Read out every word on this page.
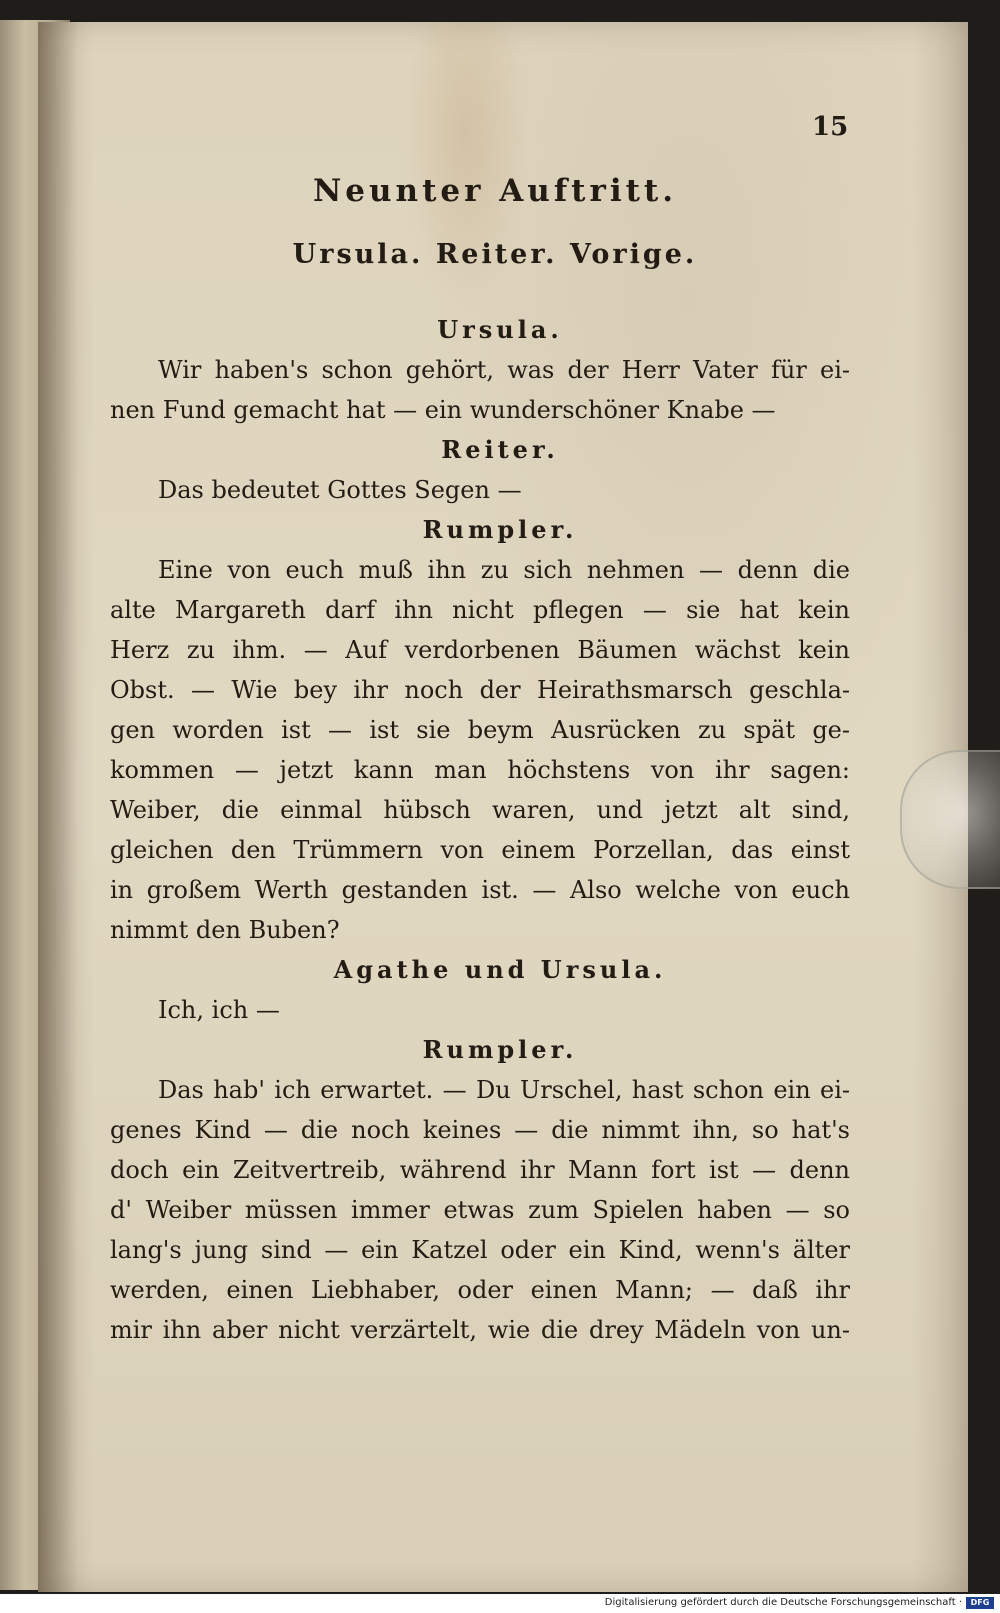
15
Neunter Auftritt.
Ursula. Reiter. Vorige.
Ursula.
Wir haben's schon gehört, was der Herr Vater für ei-
nen Fund gemacht hat — ein wunderschöner Knabe —
Reiter.
Das bedeutet Gottes Segen —
Rumpler.
Eine von euch muß ihn zu sich nehmen — denn die
alte Margareth darf ihn nicht pflegen — sie hat kein
Herz zu ihm. — Auf verdorbenen Bäumen wächst kein
Obst. — Wie bey ihr noch der Heirathsmarsch geschla-
gen worden ist — ist sie beym Ausrücken zu spät ge-
kommen — jetzt kann man höchstens von ihr sagen:
Weiber, die einmal hübsch waren, und jetzt alt sind,
gleichen den Trümmern von einem Porzellan, das einst
in großem Werth gestanden ist. — Also welche von euch
nimmt den Buben?
Agathe und Ursula.
Ich, ich —
Rumpler.
Das hab' ich erwartet. — Du Urschel, hast schon ein ei-
genes Kind — die noch keines — die nimmt ihn, so hat's
doch ein Zeitvertreib, während ihr Mann fort ist — denn
d' Weiber müssen immer etwas zum Spielen haben — so
lang's jung sind — ein Katzel oder ein Kind, wenn's älter
werden, einen Liebhaber, oder einen Mann; — daß ihr
mir ihn aber nicht verzärtelt, wie die drey Mädeln von un-
Digitalisierung gefördert durch die Deutsche Forschungsgemeinschaft ·	DFG
